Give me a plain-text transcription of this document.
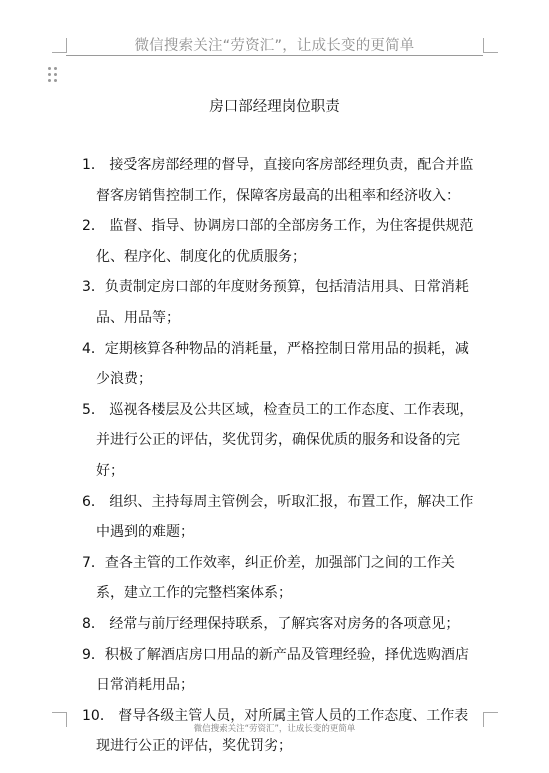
微信搜索关注“劳资汇”，让成长变的更简单
房口部经理岗位职责
1． 接受客房部经理的督导，直接向客房部经理负责，配合并监督客房销售控制工作，保障客房最高的出租率和经济收入：
2． 监督、指导、协调房口部的全部房务工作，为住客提供规范化、程序化、制度化的优质服务；
3．负责制定房口部的年度财务预算，包括清洁用具、日常消耗品、用品等；
4．定期核算各种物品的消耗量，严格控制日常用品的损耗，减少浪费；
5． 巡视各楼层及公共区域，检查员工的工作态度、工作表现，并进行公正的评估，奖优罚劣，确保优质的服务和设备的完好；
6． 组织、主持每周主管例会，听取汇报，布置工作，解决工作中遇到的难题；
7．查各主管的工作效率，纠正价差，加强部门之间的工作关系，建立工作的完整档案体系；
8． 经常与前厅经理保持联系，了解宾客对房务的各项意见；
9．积极了解酒店房口用品的新产品及管理经验，择优选购酒店日常消耗用品；
10． 督导各级主管人员，对所属主管人员的工作态度、工作表现进行公正的评估，奖优罚劣；
微信搜索关注“劳资汇”，让成长变的更简单
